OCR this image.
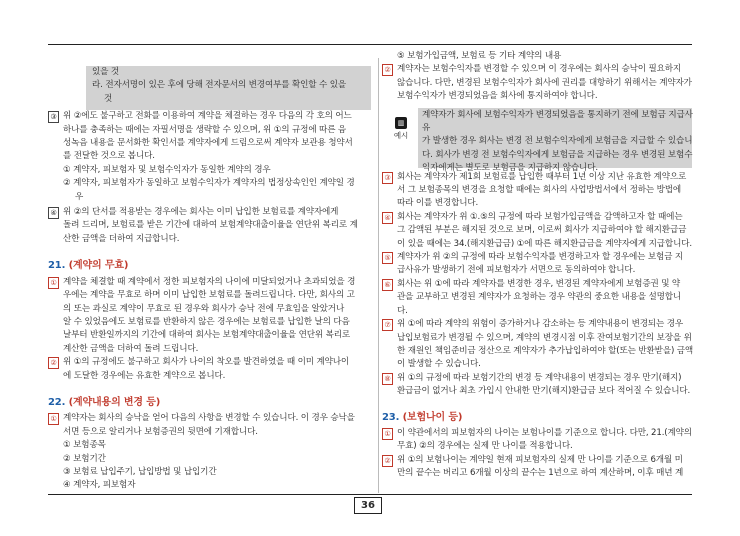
있을 것
라. 전자서명이 있은 후에 당해 전자문서의 변경여부를 확인할 수 있을
것
③ 위 ②에도 불구하고 전화를 이용하여 계약을 체결하는 경우 다음의 각 호의 어느
하나를 충족하는 때에는 자필서명을 생략할 수 있으며, 위 ①의 규정에 따른 음
성녹음 내용을 문서화한 확인서를 계약자에게 드림으로써 계약자 보관용 청약서
를 전달한 것으로 봅니다.
① 계약자, 피보험자 및 보험수익자가 동일한 계약의 경우
② 계약자, 피보험자가 동일하고 보험수익자가 계약자의 법정상속인인 계약일 경
우
④ 위 ②의 단서를 적용받는 경우에는 회사는 이미 납입한 보험료를 계약자에게
돌려 드리며, 보험료를 받은 기간에 대하여 보험계약대출이율을 연단위 복리로 계
산한 금액을 더하여 지급합니다.
21. (계약의 무효)
① 계약을 체결할 때 계약에서 정한 피보험자의 나이에 미달되었거나 초과되었을 경
우에는 계약을 무효로 하며 이미 납입한 보험료를 돌려드립니다. 다만, 회사의 고
의 또는 과실로 계약이 무효로 된 경우와 회사가 승낙 전에 무효임을 알았거나
알 수 있었음에도 보험료를 반환하지 않은 경우에는 보험료를 납입한 날의 다음
날부터 반환일까지의 기간에 대하여 회사는 보험계약대출이율을 연단위 복리로
계산한 금액을 더하여 돌려 드립니다.
② 위 ①의 규정에도 불구하고 회사가 나이의 착오를 발견하였을 때 이미 계약나이
에 도달한 경우에는 유효한 계약으로 봅니다.
22. (계약내용의 변경 등)
① 계약자는 회사의 승낙을 얻어 다음의 사항을 변경할 수 있습니다. 이 경우 승낙을
서면 등으로 알리거나 보험증권의 뒷면에 기재합니다.
① 보험종목
② 보험기간
③ 보험료 납입주기, 납입방법 및 납입기간
④ 계약자, 피보험자
⑤ 보험가입금액, 보험료 등 기타 계약의 내용
② 계약자는 보험수익자를 변경할 수 있으며 이 경우에는 회사의 승낙이 필요하지
않습니다. 다만, 변경된 보험수익자가 회사에 권리를 대항하기 위해서는 계약자가
보험수익자가 변경되었음을 회사에 통지하여야 합니다.
▥
예시
계약자가 회사에 보험수익자가 변경되었음을 통지하기 전에 보험금 지급사유
가 발생한 경우 회사는 변경 전 보험수익자에게 보험금을 지급할 수 있습니
다. 회사가 변경 전 보험수익자에게 보험금을 지급하는 경우 변경된 보험수
익자에게는 별도로 보험금을 지급하지 않습니다.
③ 회사는 계약자가 제1회 보험료를 납입한 때부터 1년 이상 지난 유효한 계약으로
서 그 보험종목의 변경을 요청할 때에는 회사의 사업방법서에서 정하는 방법에
따라 이를 변경합니다.
④ 회사는 계약자가 위 ①.⑤의 규정에 따라 보험가입금액을 감액하고자 할 때에는
그 감액된 부분은 해지된 것으로 보며, 이로써 회사가 지급하여야 할 해지환급금
이 있을 때에는 34.(해지환급금) ①에 따른 해지환급금을 계약자에게 지급합니다.
⑤ 계약자가 위 ②의 규정에 따라 보험수익자를 변경하고자 할 경우에는 보험금 지
급사유가 발생하기 전에 피보험자가 서면으로 동의하여야 합니다.
⑥ 회사는 위 ①에 따라 계약자를 변경한 경우, 변경된 계약자에게 보험증권 및 약
관을 교부하고 변경된 계약자가 요청하는 경우 약관의 중요한 내용을 설명합니
다.
⑦ 위 ①에 따라 계약의 위험이 증가하거나 감소하는 등 계약내용이 변경되는 경우
납입보험료가 변경될 수 있으며, 계약의 변경시점 이후 잔여보험기간의 보장을 위
한 재원인 책임준비금 정산으로 계약자가 추가납입하여야 할(또는 반환받을) 금액
이 발생할 수 있습니다.
⑧ 위 ①의 규정에 따라 보험기간의 변경 등 계약내용이 변경되는 경우 만기(해지)
환급금이 없거나 최초 가입시 안내한 만기(해지)환급금 보다 적어질 수 있습니다.
23. (보험나이 등)
① 이 약관에서의 피보험자의 나이는 보험나이를 기준으로 합니다. 다만, 21.(계약의
무효) ②의 경우에는 실제 만 나이를 적용합니다.
② 위 ①의 보험나이는 계약일 현재 피보험자의 실제 만 나이를 기준으로 6개월 미
만의 끝수는 버리고 6개월 이상의 끝수는 1년으로 하여 계산하며, 이후 매년 계
36
